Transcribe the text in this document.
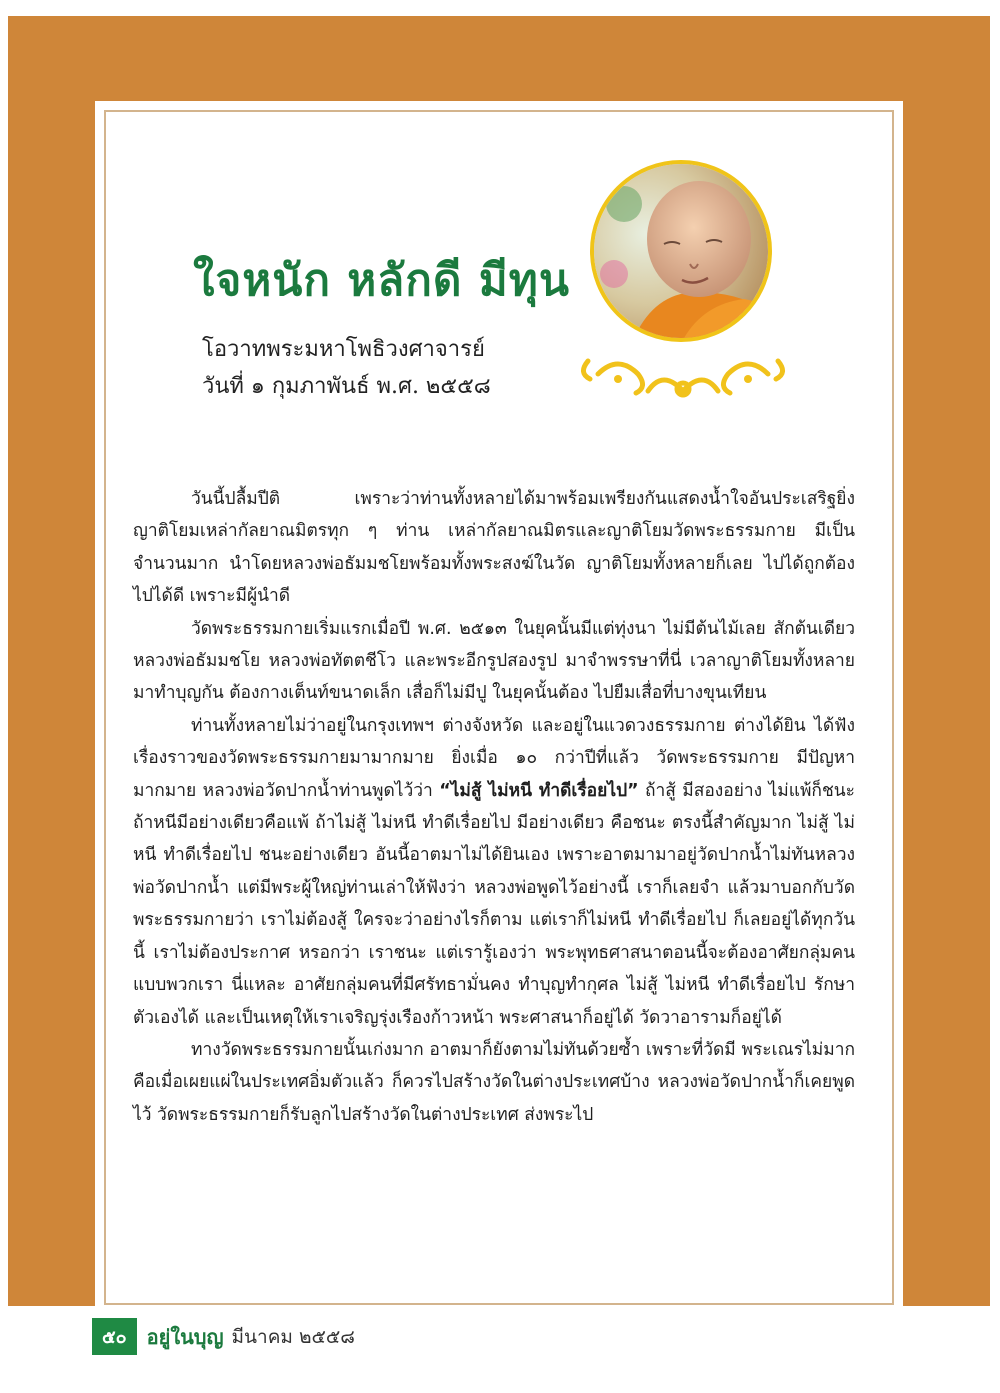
ใจหนัก หลักดี มีทุน
โอวาทพระมหาโพธิวงศาจารย์
วันที่ ๑ กุมภาพันธ์ พ.ศ. ๒๕๕๘

วันนี้ปลื้มปีติ เพราะว่าท่านทั้งหลายได้มาพร้อมเพรียงกันแสดงน้ำใจอันประเสริฐยิ่ง ญาติโยมเหล่ากัลยาณมิตรทุก ๆ ท่าน เหล่ากัลยาณมิตรและญาติโยมวัดพระธรรมกาย มีเป็นจำนวนมาก นำโดยหลวงพ่อธัมมชโยพร้อมทั้งพระสงฆ์ในวัด ญาติโยมทั้งหลายก็เลย ไปได้ถูกต้อง ไปได้ดี เพราะมีผู้นำดี

วัดพระธรรมกายเริ่มแรกเมื่อปี พ.ศ. ๒๕๑๓ ในยุคนั้นมีแต่ทุ่งนา ไม่มีต้นไม้เลย สักต้นเดียว หลวงพ่อธัมมชโย หลวงพ่อทัตตชีโว และพระอีกรูปสองรูป มาจำพรรษาที่นี่ เวลาญาติโยมทั้งหลายมาทำบุญกัน ต้องกางเต็นท์ขนาดเล็ก เสื่อก็ไม่มีปู ในยุคนั้นต้อง ไปยืมเสื่อที่บางขุนเทียน

ท่านทั้งหลายไม่ว่าอยู่ในกรุงเทพฯ ต่างจังหวัด และอยู่ในแวดวงธรรมกาย ต่างได้ยิน ได้ฟังเรื่องราวของวัดพระธรรมกายมามากมาย ยิ่งเมื่อ ๑๐ กว่าปีที่แล้ว วัดพระธรรมกาย มีปัญหามากมาย หลวงพ่อวัดปากน้ำท่านพูดไว้ว่า “ไม่สู้ ไม่หนี ทำดีเรื่อยไป” ถ้าสู้ มีสองอย่าง ไม่แพ้ก็ชนะ ถ้าหนีมีอย่างเดียวคือแพ้ ถ้าไม่สู้ ไม่หนี ทำดีเรื่อยไป มีอย่างเดียว คือชนะ ตรงนี้สำคัญมาก ไม่สู้ ไม่หนี ทำดีเรื่อยไป ชนะอย่างเดียว อันนี้อาตมาไม่ได้ยินเอง เพราะอาตมามาอยู่วัดปากน้ำไม่ทันหลวงพ่อวัดปากน้ำ แต่มีพระผู้ใหญ่ท่านเล่าให้ฟังว่า หลวงพ่อพูดไว้อย่างนี้ เราก็เลยจำ แล้วมาบอกกับวัดพระธรรมกายว่า เราไม่ต้องสู้ ใครจะว่าอย่างไรก็ตาม แต่เราก็ไม่หนี ทำดีเรื่อยไป ก็เลยอยู่ได้ทุกวันนี้ เราไม่ต้องประกาศ หรอกว่า เราชนะ แต่เรารู้เองว่า พระพุทธศาสนาตอนนี้จะต้องอาศัยกลุ่มคนแบบพวกเรา นี่แหละ อาศัยกลุ่มคนที่มีศรัทธามั่นคง ทำบุญทำกุศล ไม่สู้ ไม่หนี ทำดีเรื่อยไป รักษา ตัวเองได้ และเป็นเหตุให้เราเจริญรุ่งเรืองก้าวหน้า พระศาสนาก็อยู่ได้ วัดวาอารามก็อยู่ได้

ทางวัดพระธรรมกายนั้นเก่งมาก อาตมาก็ยังตามไม่ทันด้วยซ้ำ เพราะที่วัดมี พระเณรไม่มาก คือเมื่อเผยแผ่ในประเทศอิ่มตัวแล้ว ก็ควรไปสร้างวัดในต่างประเทศบ้าง หลวงพ่อวัดปากน้ำก็เคยพูดไว้ วัดพระธรรมกายก็รับลูกไปสร้างวัดในต่างประเทศ ส่งพระไป

๕๐	อยู่ในบุญ มีนาคม ๒๕๕๘
